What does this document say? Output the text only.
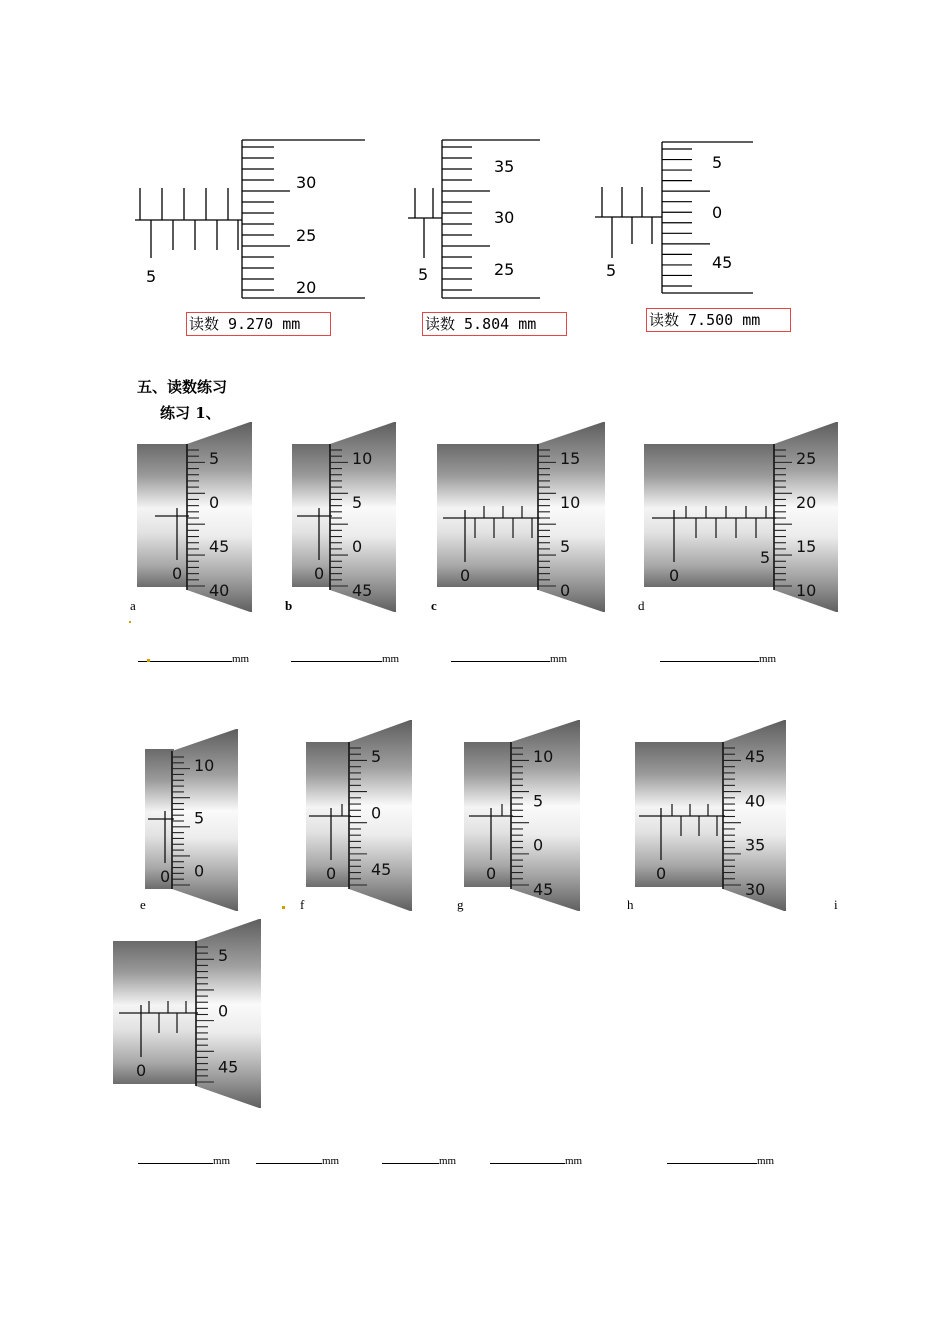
5
30
25
20
读数 9.270 mm
5
35
30
25
读数 5.804 mm
5
5
0
45
读数 7.500 mm
五、读数练习
练习 1、
5
0
45
40
0
10
5
0
45
0
15
10
5
0
0
25
20
15
10
0
5
a	b	c	d
mm	mm	mm	mm
10
5
0
0
5
0
45
0
10
5
0
45
0
45
40
35
30
0
e	f	g	h	i
5
0
45
0
mm	mm	mm	mm	mm
